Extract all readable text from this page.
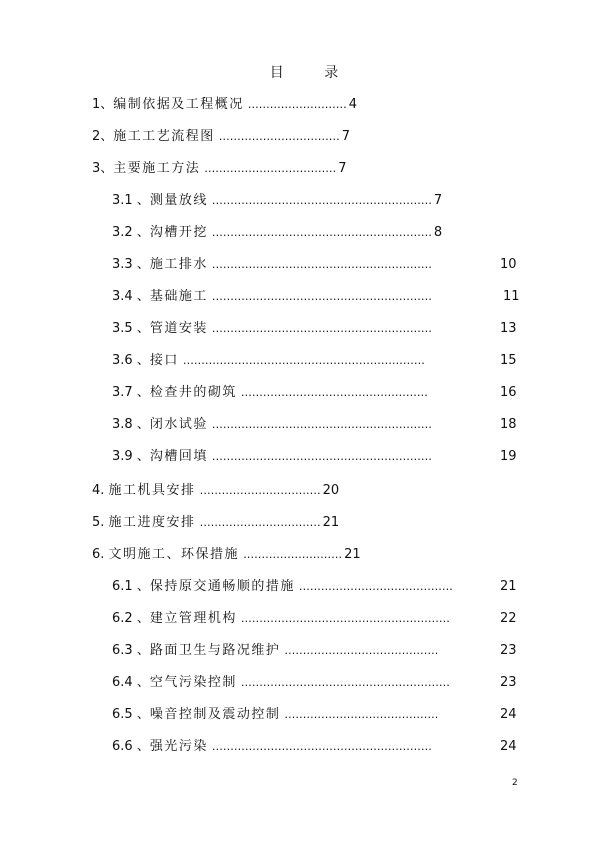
目 录
1、编制依据及工程概况 ……………………… 4
2、施工工艺流程图 …………………………… 7
3、主要施工方法 ……………………………… 7
3.1 、测量放线 …………………………………………………… 7
3.2 、沟槽开挖 …………………………………………………… 8
3.3 、施工排水 ……………………………………………………	10
3.4 、基础施工 ……………………………………………………	11
3.5 、管道安装 ……………………………………………………	13
3.6 、接口 …………………………………………………………	15
3.7 、检查井的砌筑 ……………………………………………	16
3.8 、闭水试验 ……………………………………………………	18
3.9 、沟槽回填 ……………………………………………………	19
4. 施工机具安排 …………………………… 20
5. 施工进度安排 …………………………… 21
6. 文明施工、环保措施 ……………………… 21
6.1 、保持原交通畅顺的措施 ……………………………………	21
6.2 、建立管理机构 …………………………………………………	22
6.3 、路面卫生与路况维护 ……………………………………	23
6.4 、空气污染控制 …………………………………………………	23
6.5 、噪音控制及震动控制 ……………………………………	24
6.6 、强光污染 ……………………………………………………	24
2
